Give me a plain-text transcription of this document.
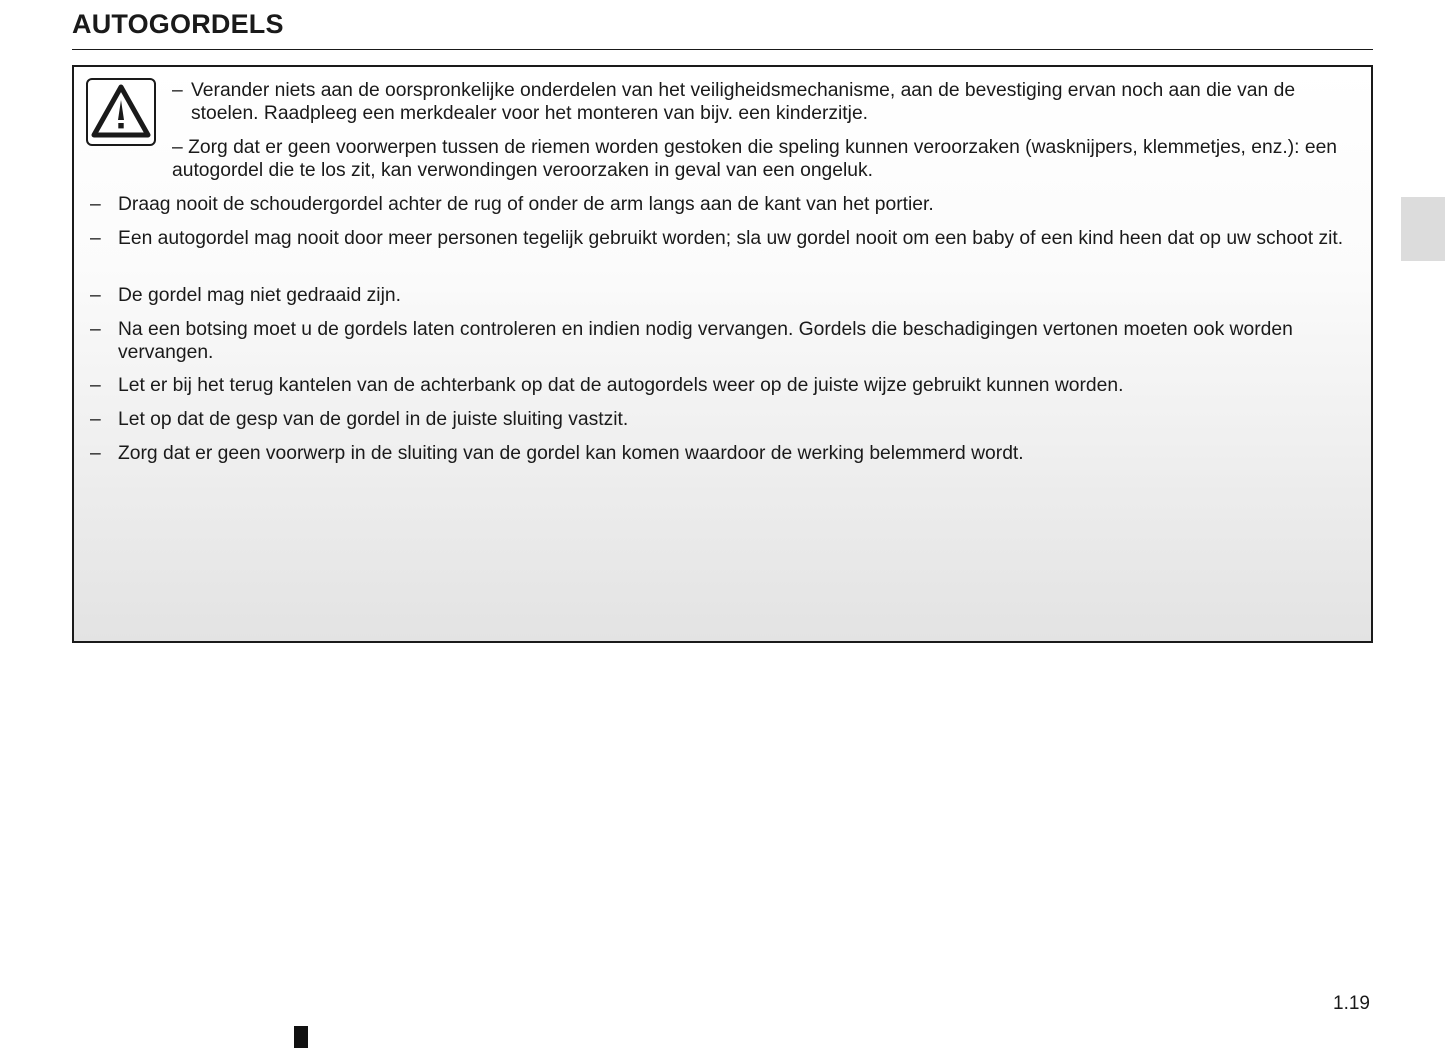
AUTOGORDELS
– Verander niets aan de oorspronkelijke onderdelen van het veiligheidsmechanisme, aan de bevestiging ervan noch aan die van de stoelen. Raadpleeg een merkdealer voor het monteren van bijv. een kinderzitje.
– Zorg dat er geen voorwerpen tussen de riemen worden gestoken die speling kunnen veroorzaken (wasknijpers, klemmetjes, enz.): een autogordel die te los zit, kan verwondingen veroorzaken in geval van een ongeluk.
– Draag nooit de schoudergordel achter de rug of onder de arm langs aan de kant van het portier.
– Een autogordel mag nooit door meer personen tegelijk gebruikt worden; sla uw gordel nooit om een baby of een kind heen dat op uw schoot zit.
– De gordel mag niet gedraaid zijn.
– Na een botsing moet u de gordels laten controleren en indien nodig vervangen. Gordels die beschadigingen vertonen moeten ook worden vervangen.
– Let er bij het terug kantelen van de achterbank op dat de autogordels weer op de juiste wijze gebruikt kunnen worden.
– Let op dat de gesp van de gordel in de juiste sluiting vastzit.
– Zorg dat er geen voorwerp in de sluiting van de gordel kan komen waardoor de werking belemmerd wordt.
1.19
